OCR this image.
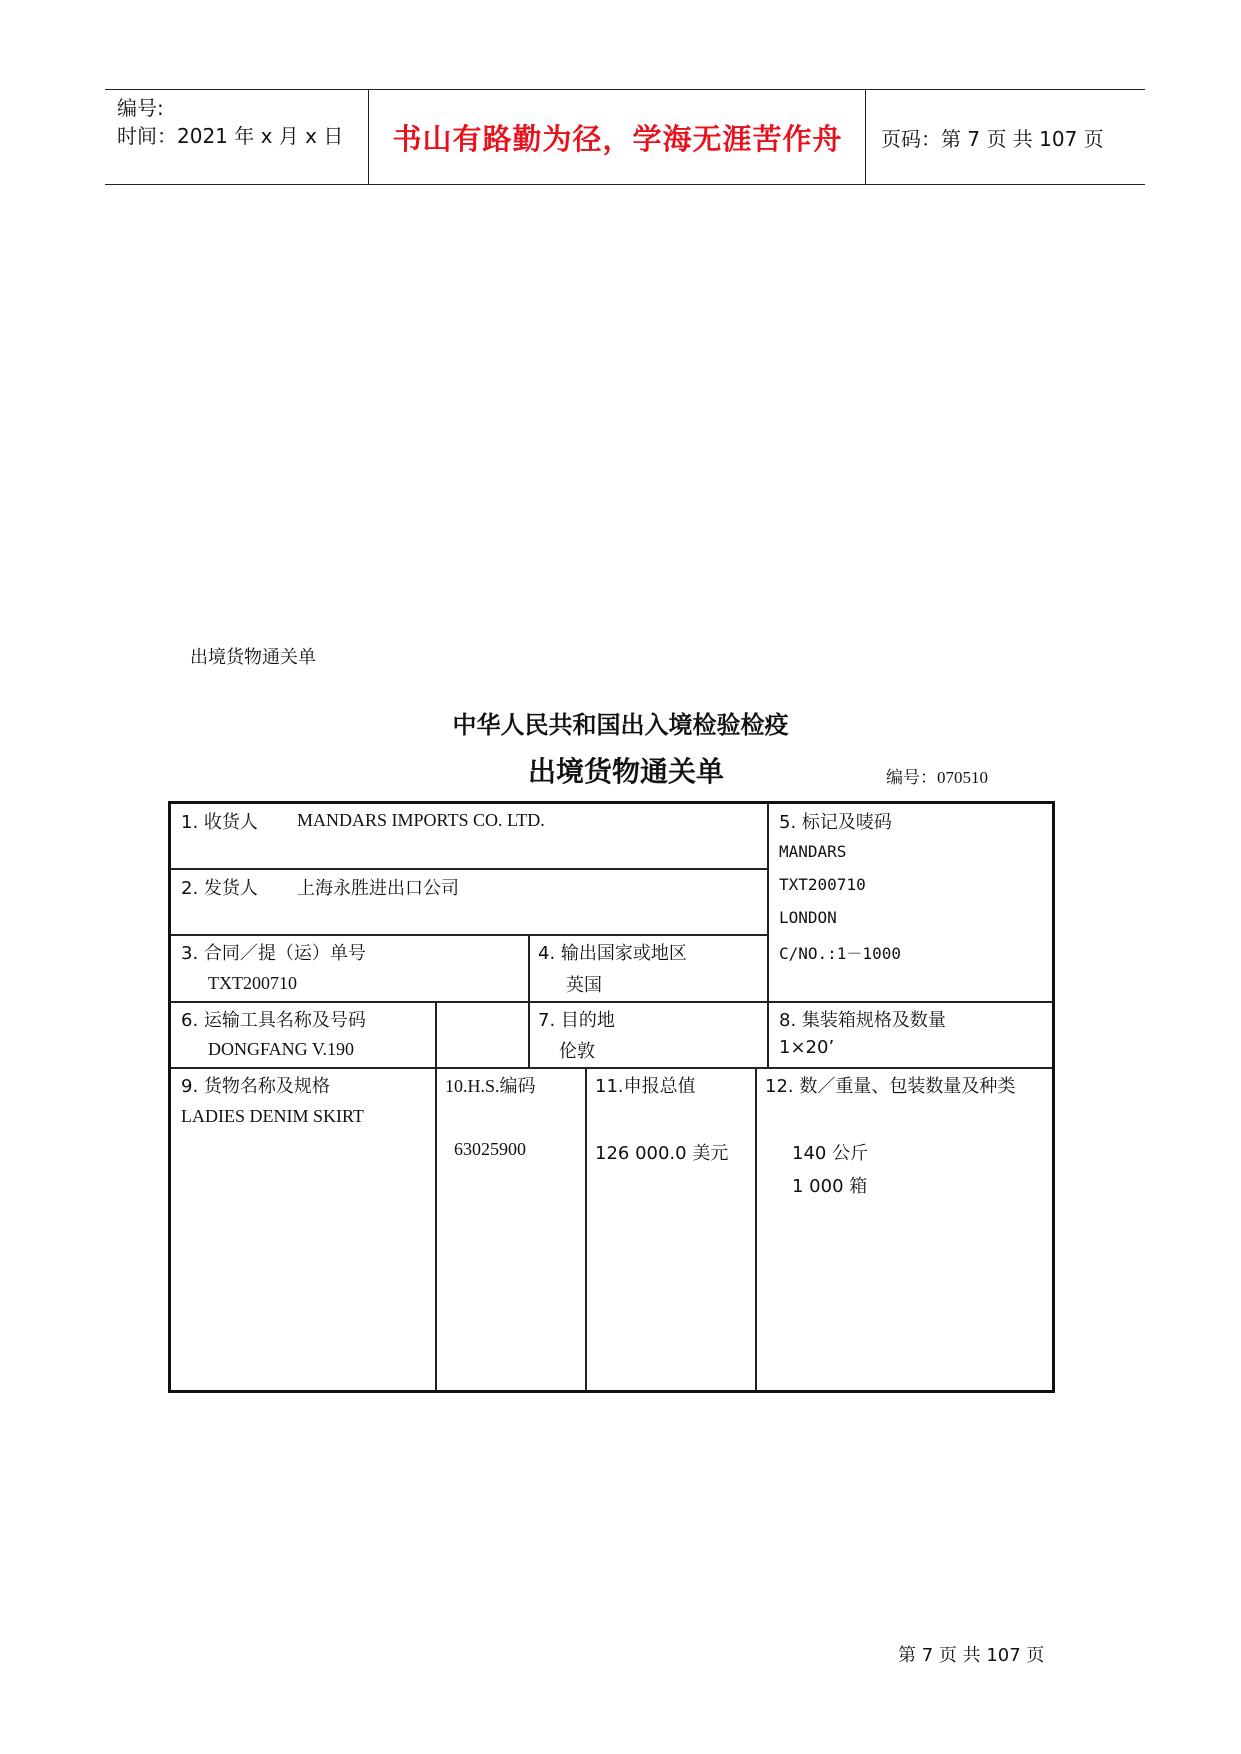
编号:
时间：2021 年 x 月 x 日 书山有路勤为径，学海无涯苦作舟	页码：第 7 页 共 107 页
出境货物通关单
中华人民共和国出入境检验检疫
出境货物通关单	编号：070510
1. 收货人 MANDARS IMPORTS CO. LTD.
2. 发货人 上海永胜进出口公司
3. 合同／提（运）单号
TXT200710
4. 输出国家或地区
英国
5. 标记及唛码
MANDARS
TXT200710
LONDON
C/NO.:1－1000
6. 运输工具名称及号码
DONGFANG V.190
7. 目的地
伦敦
8. 集装箱规格及数量
1×20’
9. 货物名称及规格
LADIES DENIM SKIRT
10.H.S.编码
63025900
11.申报总值
126 000.0 美元
12. 数／重量、包装数量及种类
140 公斤
1 000 箱
第 7 页 共 107 页
